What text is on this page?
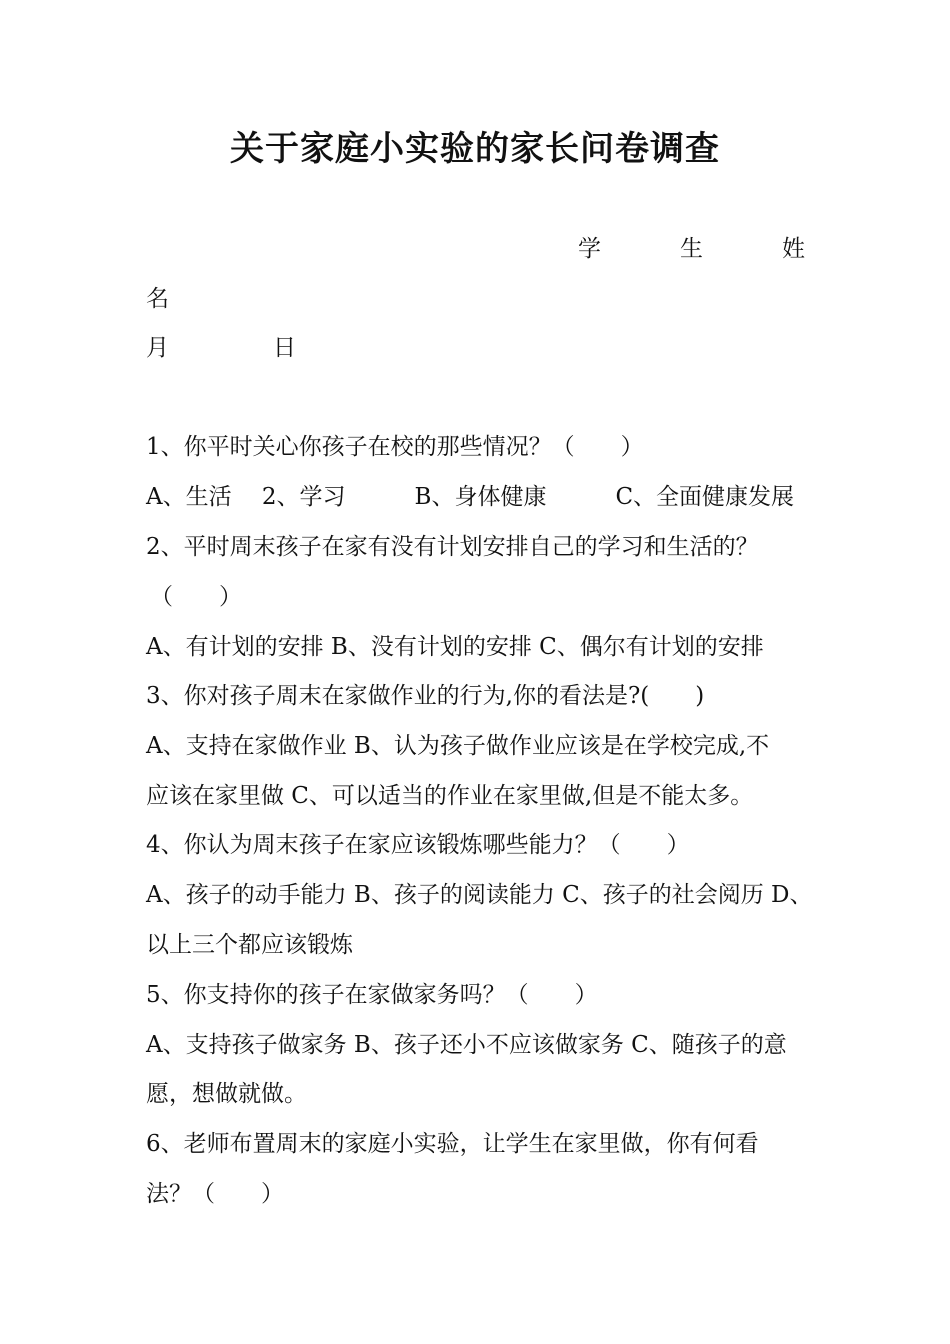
关于家庭小实验的家长问卷调查
学	生	姓
名
月	日
1、你平时关心你孩子在校的那些情况？（　　）
A、生活　 2、学习　　　B、身体健康　　　C、全面健康发展
2、平时周末孩子在家有没有计划安排自己的学习和生活的？
（　　）
A、有计划的安排 B、没有计划的安排 C、偶尔有计划的安排
3、你对孩子周末在家做作业的行为,你的看法是?(　　)
A、支持在家做作业 B、认为孩子做作业应该是在学校完成,不
应该在家里做 C、可以适当的作业在家里做,但是不能太多。
4、你认为周末孩子在家应该锻炼哪些能力？（　　）
A、孩子的动手能力 B、孩子的阅读能力 C、孩子的社会阅历 D、
以上三个都应该锻炼
5、你支持你的孩子在家做家务吗？（　　）
A、支持孩子做家务 B、孩子还小不应该做家务 C、随孩子的意
愿，想做就做。
6、老师布置周末的家庭小实验，让学生在家里做，你有何看
法？（　　）
